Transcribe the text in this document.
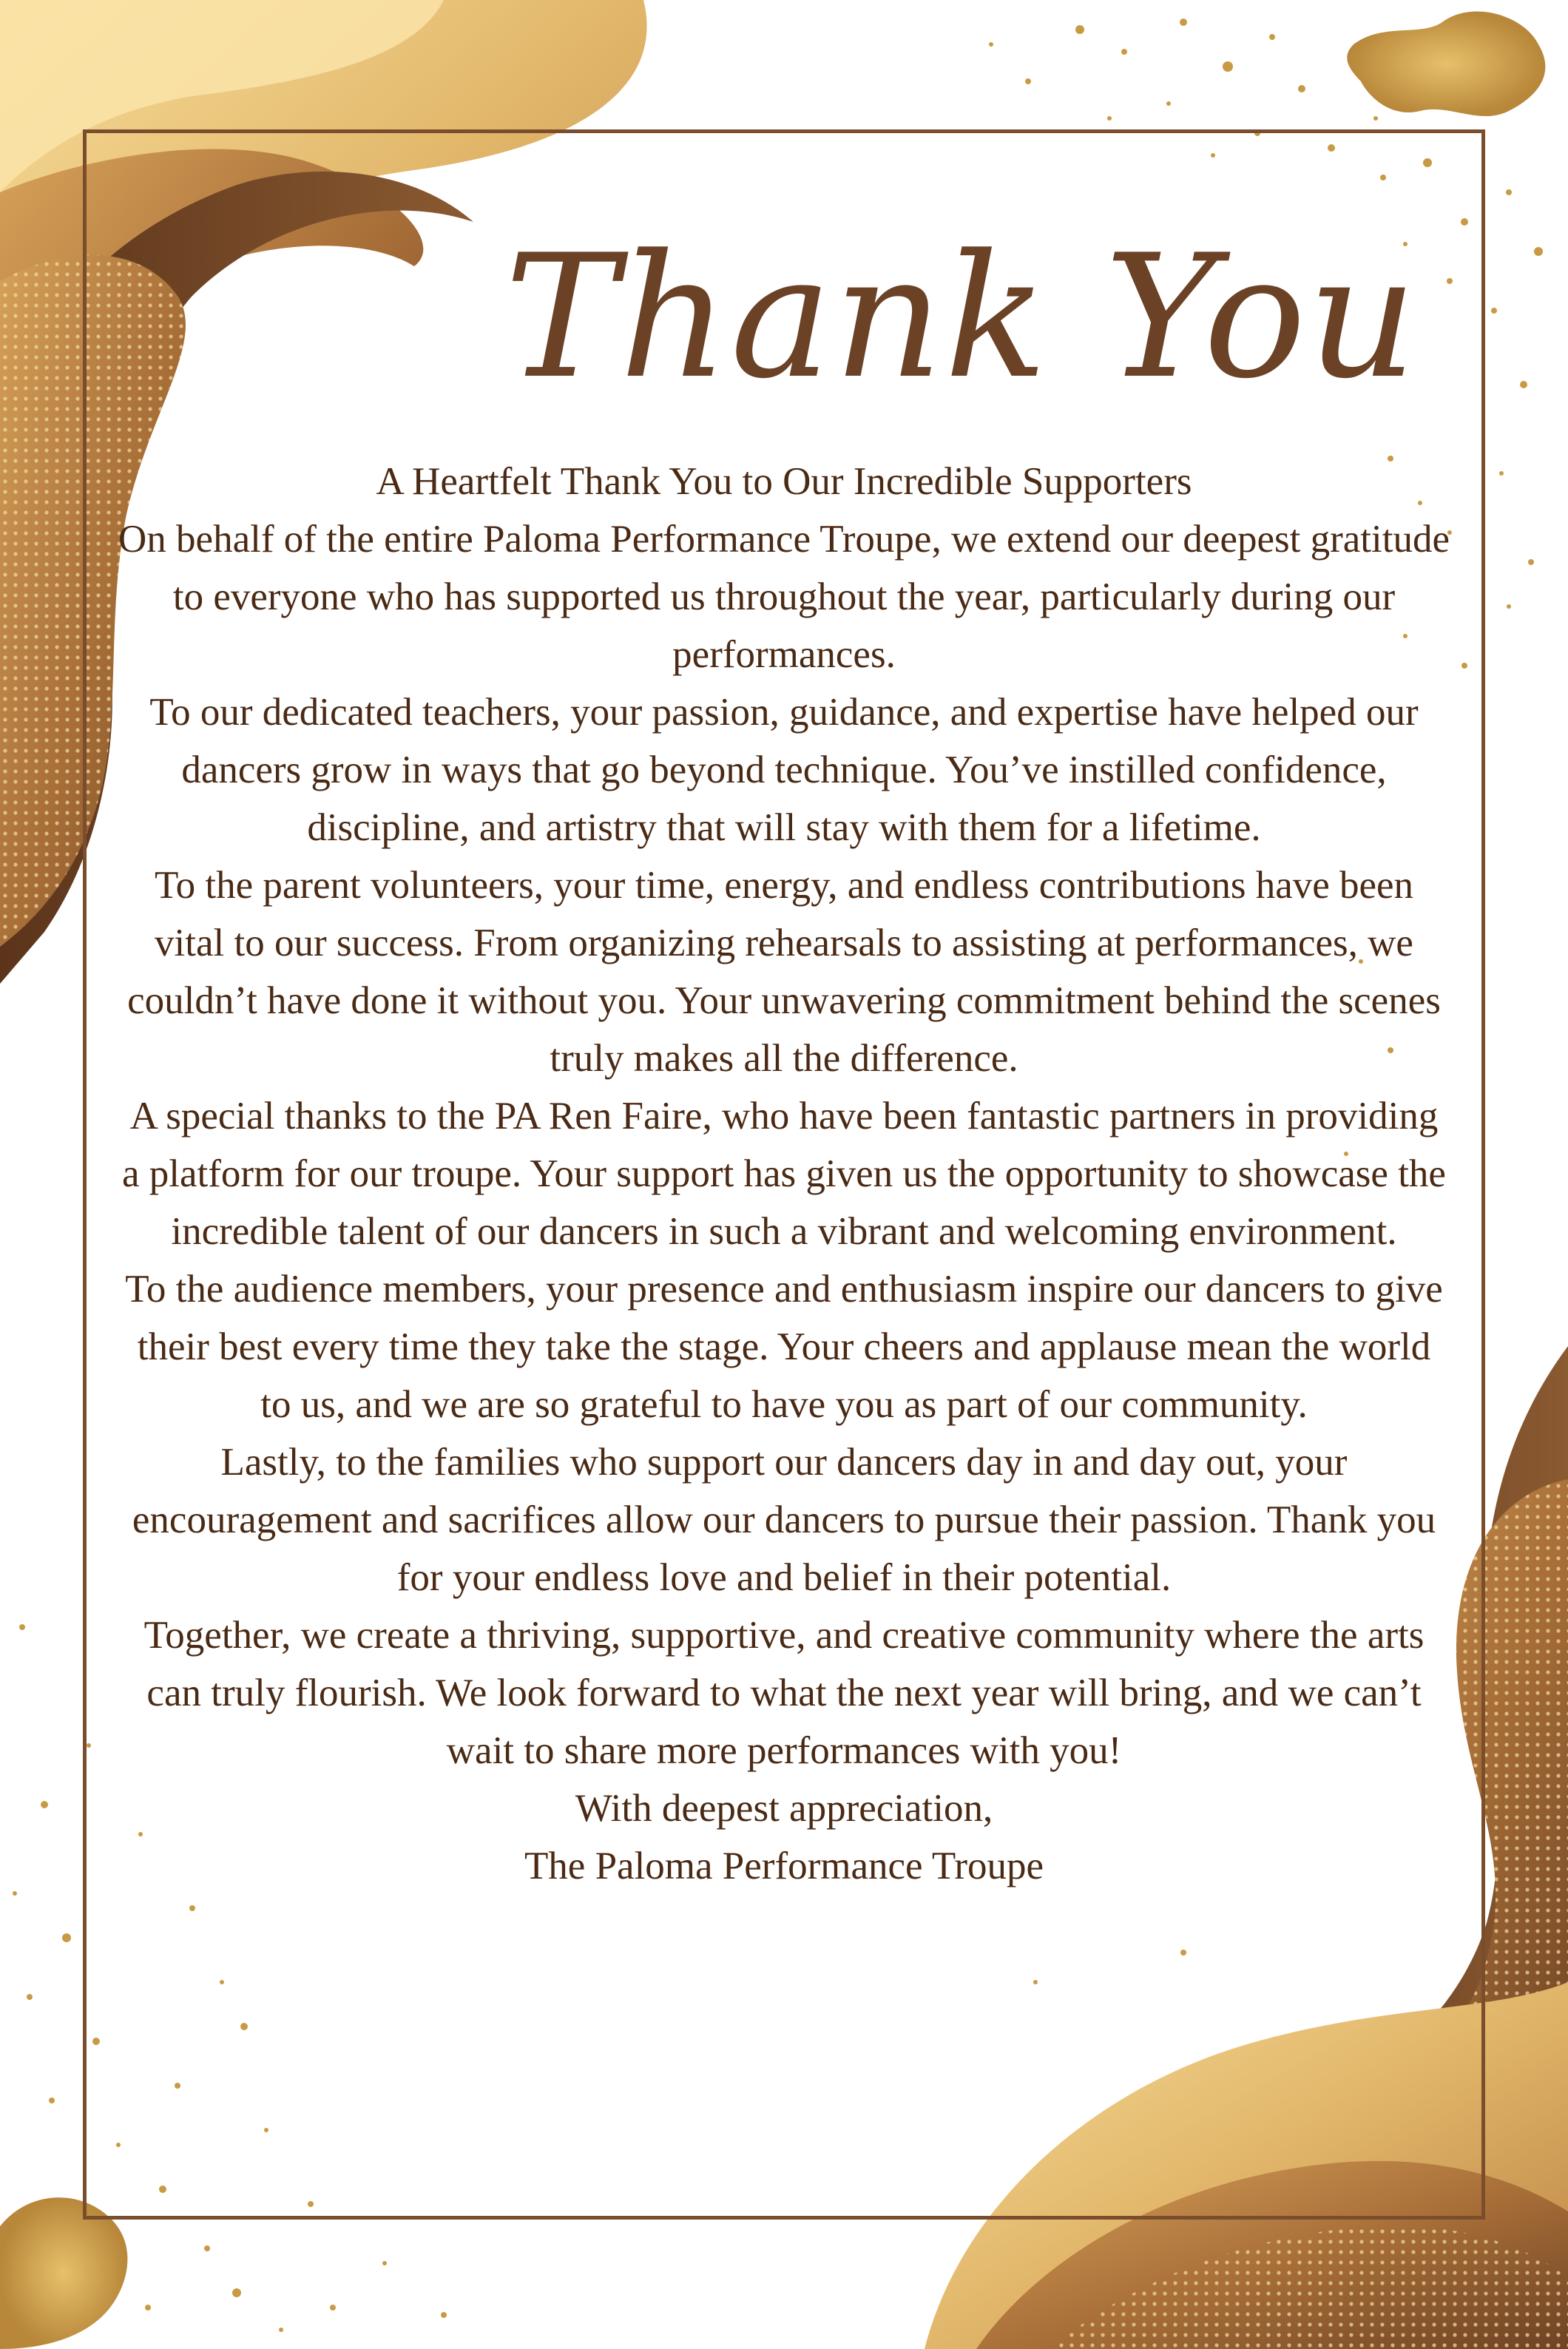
Thank You

A Heartfelt Thank You to Our Incredible Supporters

On behalf of the entire Paloma Performance Troupe, we extend our deepest gratitude to everyone who has supported us throughout the year, particularly during our performances.

To our dedicated teachers, your passion, guidance, and expertise have helped our dancers grow in ways that go beyond technique. You’ve instilled confidence, discipline, and artistry that will stay with them for a lifetime.

To the parent volunteers, your time, energy, and endless contributions have been vital to our success. From organizing rehearsals to assisting at performances, we couldn’t have done it without you. Your unwavering commitment behind the scenes truly makes all the difference.

A special thanks to the PA Ren Faire, who have been fantastic partners in providing a platform for our troupe. Your support has given us the opportunity to showcase the incredible talent of our dancers in such a vibrant and welcoming environment.

To the audience members, your presence and enthusiasm inspire our dancers to give their best every time they take the stage. Your cheers and applause mean the world to us, and we are so grateful to have you as part of our community.

Lastly, to the families who support our dancers day in and day out, your encouragement and sacrifices allow our dancers to pursue their passion. Thank you for your endless love and belief in their potential.

Together, we create a thriving, supportive, and creative community where the arts can truly flourish. We look forward to what the next year will bring, and we can’t wait to share more performances with you!

With deepest appreciation,

The Paloma Performance Troupe
